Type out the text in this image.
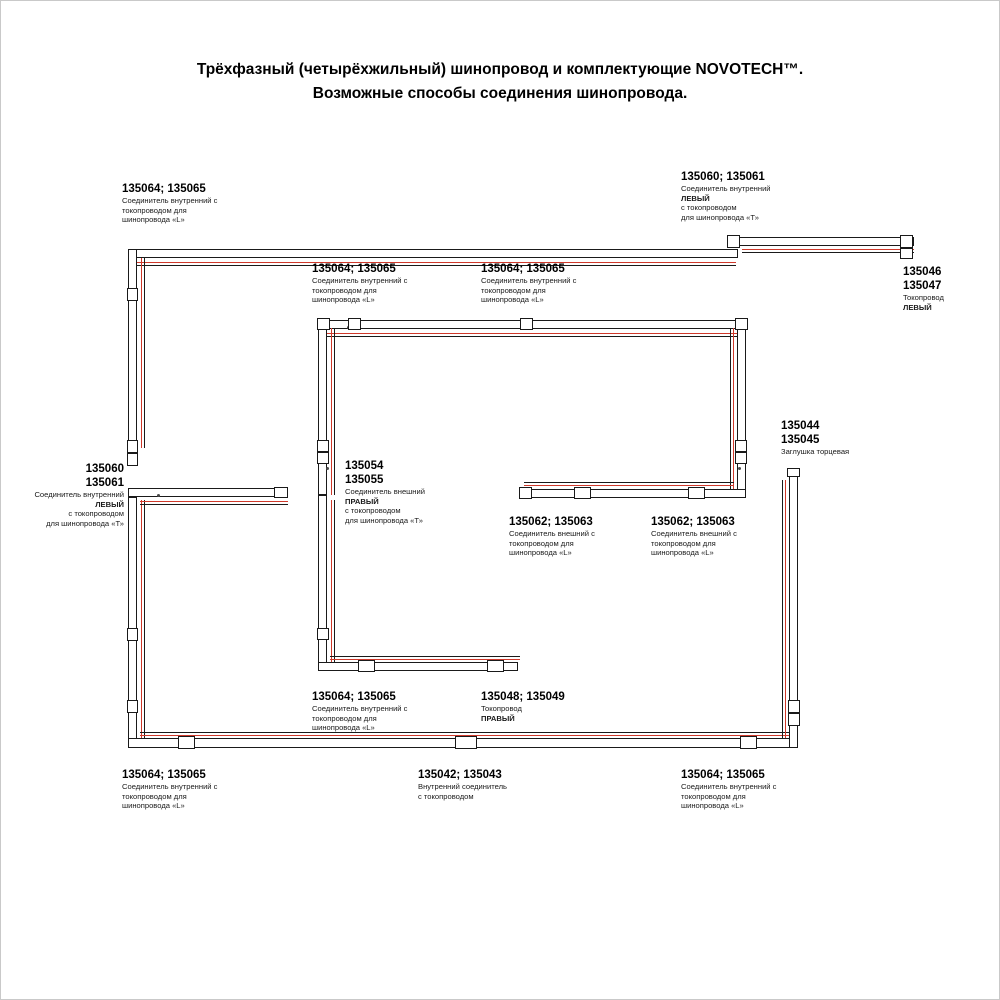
Трёхфазный (четырёхжильный) шинопровод и комплектующие NOVOTECH™.
Возможные способы соединения шинопровода.
135064; 135065
Соединитель внутренний с
токопроводом для
шинопровода «L»
135060; 135061
Соединитель внутренний
ЛЕВЫЙ
с токопроводом
для шинопровода «Т»
135046
135047
Токопровод
ЛЕВЫЙ
135064; 135065
Соединитель внутренний с
токопроводом для
шинопровода «L»
135064; 135065
Соединитель внутренний с
токопроводом для
шинопровода «L»
135044
135045
Заглушка торцевая
135060
135061
Соединитель внутренний
ЛЕВЫЙ
с токопроводом
для шинопровода «Т»
135054
135055
Соединитель внешний
ПРАВЫЙ
с токопроводом
для шинопровода «Т»	135062; 135063
Соединитель внешний с
токопроводом для
шинопровода «L»
135062; 135063
Соединитель внешний с
токопроводом для
шинопровода «L»
135064; 135065
Соединитель внутренний с
токопроводом для
шинопровода «L»
135048; 135049
Токопровод
ПРАВЫЙ
135064; 135065
Соединитель внутренний с
токопроводом для
шинопровода «L»
135042; 135043
Внутренний соединитель
с токопроводом
135064; 135065
Соединитель внутренний с
токопроводом для
шинопровода «L»
